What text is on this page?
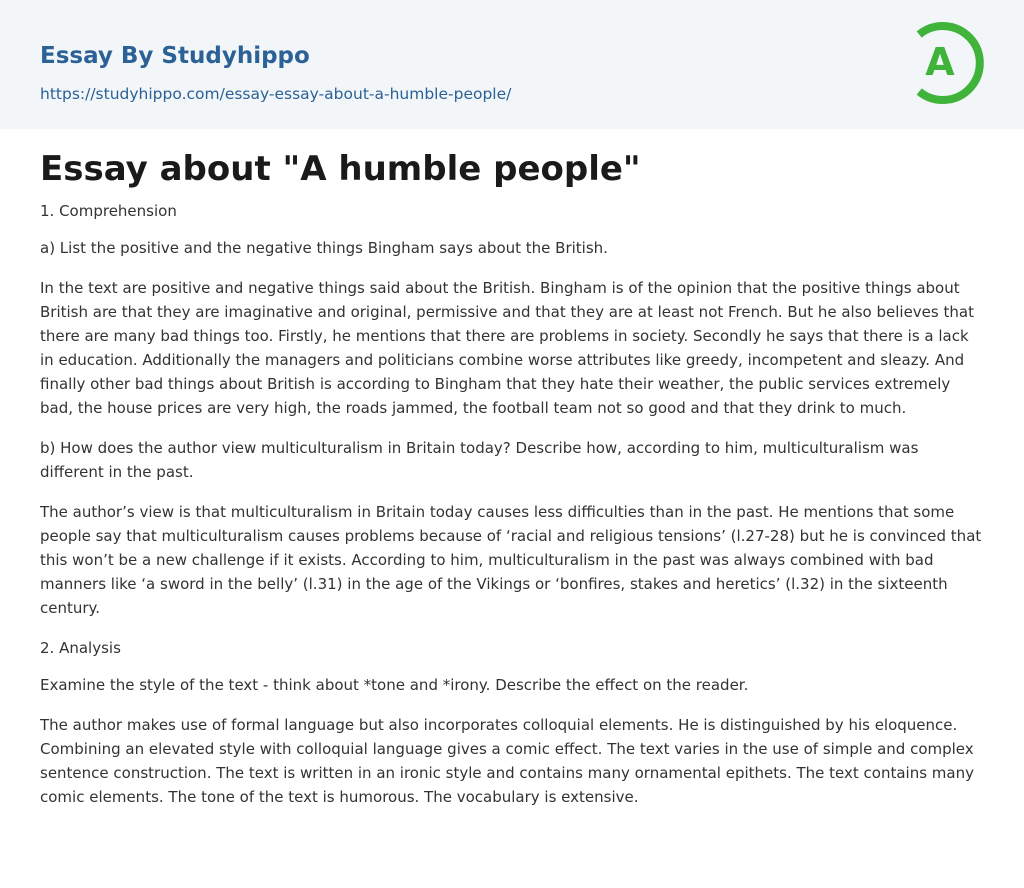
Essay By Studyhippo
https://studyhippo.com/essay-essay-about-a-humble-people/
A
Essay about "A humble people"

1. Comprehension

a) List the positive and the negative things Bingham says about the British.

In the text are positive and negative things said about the British. Bingham is of the opinion that the positive things about British are that they are imaginative and original, permissive and that they are at least not French. But he also believes that there are many bad things too. Firstly, he mentions that there are problems in society. Secondly he says that there is a lack in education. Additionally the managers and politicians combine worse attributes like greedy, incompetent and sleazy. And finally other bad things about British is according to Bingham that they hate their weather, the public services extremely bad, the house prices are very high, the roads jammed, the football team not so good and that they drink to much.

b) How does the author view multiculturalism in Britain today? Describe how, according to him, multiculturalism was different in the past.

The author’s view is that multiculturalism in Britain today causes less difficulties than in the past. He mentions that some people say that multiculturalism causes problems because of ‘racial and religious tensions’ (l.27-28) but he is convinced that this won’t be a new challenge if it exists. According to him, multiculturalism in the past was always combined with bad manners like ‘a sword in the belly’ (l.31) in the age of the Vikings or ‘bonfires, stakes and heretics’ (l.32) in the sixteenth century.

2. Analysis

Examine the style of the text - think about *tone and *irony. Describe the effect on the reader.

The author makes use of formal language but also incorporates colloquial elements. He is distinguished by his eloquence. Combining an elevated style with colloquial language gives a comic effect. The text varies in the use of simple and complex sentence construction. The text is written in an ironic style and contains many ornamental epithets. The text contains many comic elements. The tone of the text is humorous. The vocabulary is extensive.
